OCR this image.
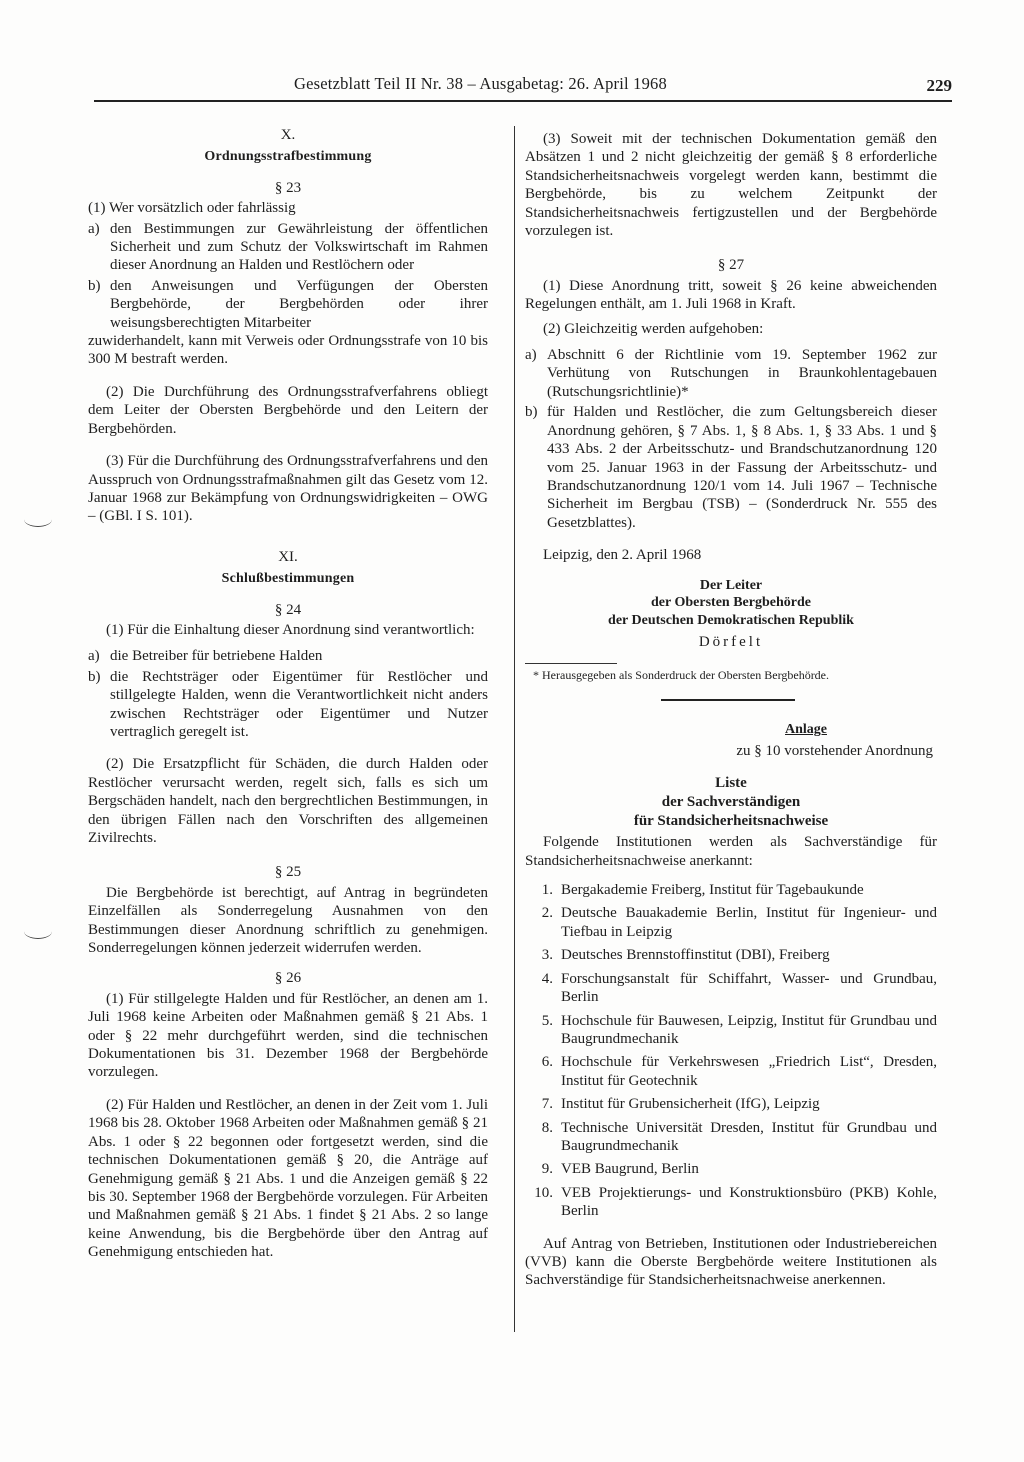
Gesetzblatt Teil II Nr. 38 – Ausgabetag: 26. April 1968	229
X.
Ordnungsstrafbestimmung
§ 23

(1) Wer vorsätzlich oder fahrlässig

a) den Bestimmungen zur Gewährleistung der öffentlichen Sicherheit und zum Schutz der Volkswirtschaft im Rahmen dieser Anordnung an Halden und Restlöchern oder
b) den Anweisungen und Verfügungen der Obersten Bergbehörde, der Bergbehörden oder ihrer weisungsberechtigten Mitarbeiter

zuwiderhandelt, kann mit Verweis oder Ordnungsstrafe von 10 bis 300 M bestraft werden.

(2) Die Durchführung des Ordnungsstrafverfahrens obliegt dem Leiter der Obersten Bergbehörde und den Leitern der Bergbehörden.

(3) Für die Durchführung des Ordnungsstrafverfahrens und den Ausspruch von Ordnungsstrafmaßnahmen gilt das Gesetz vom 12. Januar 1968 zur Bekämpfung von Ordnungswidrigkeiten – OWG – (GBl. I S. 101).

XI.
Schlußbestimmungen
§ 24

(1) Für die Einhaltung dieser Anordnung sind verantwortlich:

a) die Betreiber für betriebene Halden
b) die Rechtsträger oder Eigentümer für Restlöcher und stillgelegte Halden, wenn die Verantwortlichkeit nicht anders zwischen Rechtsträger oder Eigentümer und Nutzer vertraglich geregelt ist.

(2) Die Ersatzpflicht für Schäden, die durch Halden oder Restlöcher verursacht werden, regelt sich, falls es sich um Bergschäden handelt, nach den bergrechtlichen Bestimmungen, in den übrigen Fällen nach den Vorschriften des allgemeinen Zivilrechts.

§ 25

Die Bergbehörde ist berechtigt, auf Antrag in begründeten Einzelfällen als Sonderregelung Ausnahmen von den Bestimmungen dieser Anordnung schriftlich zu genehmigen. Sonderregelungen können jederzeit widerrufen werden.

§ 26

(1) Für stillgelegte Halden und für Restlöcher, an denen am 1. Juli 1968 keine Arbeiten oder Maßnahmen gemäß § 21 Abs. 1 oder § 22 mehr durchgeführt werden, sind die technischen Dokumentationen bis 31. Dezember 1968 der Bergbehörde vorzulegen.

(2) Für Halden und Restlöcher, an denen in der Zeit vom 1. Juli 1968 bis 28. Oktober 1968 Arbeiten oder Maßnahmen gemäß § 21 Abs. 1 oder § 22 begonnen oder fortgesetzt werden, sind die technischen Dokumentationen gemäß § 20, die Anträge auf Genehmigung gemäß § 21 Abs. 1 und die Anzeigen gemäß § 22 bis 30. September 1968 der Bergbehörde vorzulegen. Für Arbeiten und Maßnahmen gemäß § 21 Abs. 1 findet § 21 Abs. 2 so lange keine Anwendung, bis die Bergbehörde über den Antrag auf Genehmigung entschieden hat.

(3) Soweit mit der technischen Dokumentation gemäß den Absätzen 1 und 2 nicht gleichzeitig der gemäß § 8 erforderliche Standsicherheitsnachweis vorgelegt werden kann, bestimmt die Bergbehörde, bis zu welchem Zeitpunkt der Standsicherheitsnachweis fertigzustellen und der Bergbehörde vorzulegen ist.

§ 27

(1) Diese Anordnung tritt, soweit § 26 keine abweichenden Regelungen enthält, am 1. Juli 1968 in Kraft.

(2) Gleichzeitig werden aufgehoben:

a) Abschnitt 6 der Richtlinie vom 19. September 1962 zur Verhütung von Rutschungen in Braunkohlentagebauen (Rutschungsrichtlinie)*
b) für Halden und Restlöcher, die zum Geltungsbereich dieser Anordnung gehören, § 7 Abs. 1, § 8 Abs. 1, § 33 Abs. 1 und § 433 Abs. 2 der Arbeitsschutz- und Brandschutzanordnung 120 vom 25. Januar 1963 in der Fassung der Arbeitsschutz- und Brandschutzanordnung 120/1 vom 14. Juli 1967 – Technische Sicherheit im Bergbau (TSB) – (Sonderdruck Nr. 555 des Gesetzblattes).

Leipzig, den 2. April 1968

Der Leiter
der Obersten Bergbehörde
der Deutschen Demokratischen Republik
Dörfelt
* Herausgegeben als Sonderdruck der Obersten Bergbehörde.
Anlage
zu § 10 vorstehender Anordnung
Liste
der Sachverständigen
für Standsicherheitsnachweise

Folgende Institutionen werden als Sachverständige für Standsicherheitsnachweise anerkannt:

1. Bergakademie Freiberg, Institut für Tagebaukunde
2. Deutsche Bauakademie Berlin, Institut für Ingenieur- und Tiefbau in Leipzig
3. Deutsches Brennstoffinstitut (DBI), Freiberg
4. Forschungsanstalt für Schiffahrt, Wasser- und Grundbau, Berlin
5. Hochschule für Bauwesen, Leipzig, Institut für Grundbau und Baugrundmechanik
6. Hochschule für Verkehrswesen „Friedrich List“, Dresden, Institut für Geotechnik
7. Institut für Grubensicherheit (IfG), Leipzig
8. Technische Universität Dresden, Institut für Grundbau und Baugrundmechanik
9. VEB Baugrund, Berlin
10. VEB Projektierungs- und Konstruktionsbüro (PKB) Kohle, Berlin

Auf Antrag von Betrieben, Institutionen oder Industriebereichen (VVB) kann die Oberste Bergbehörde weitere Institutionen als Sachverständige für Standsicherheitsnachweise anerkennen.
